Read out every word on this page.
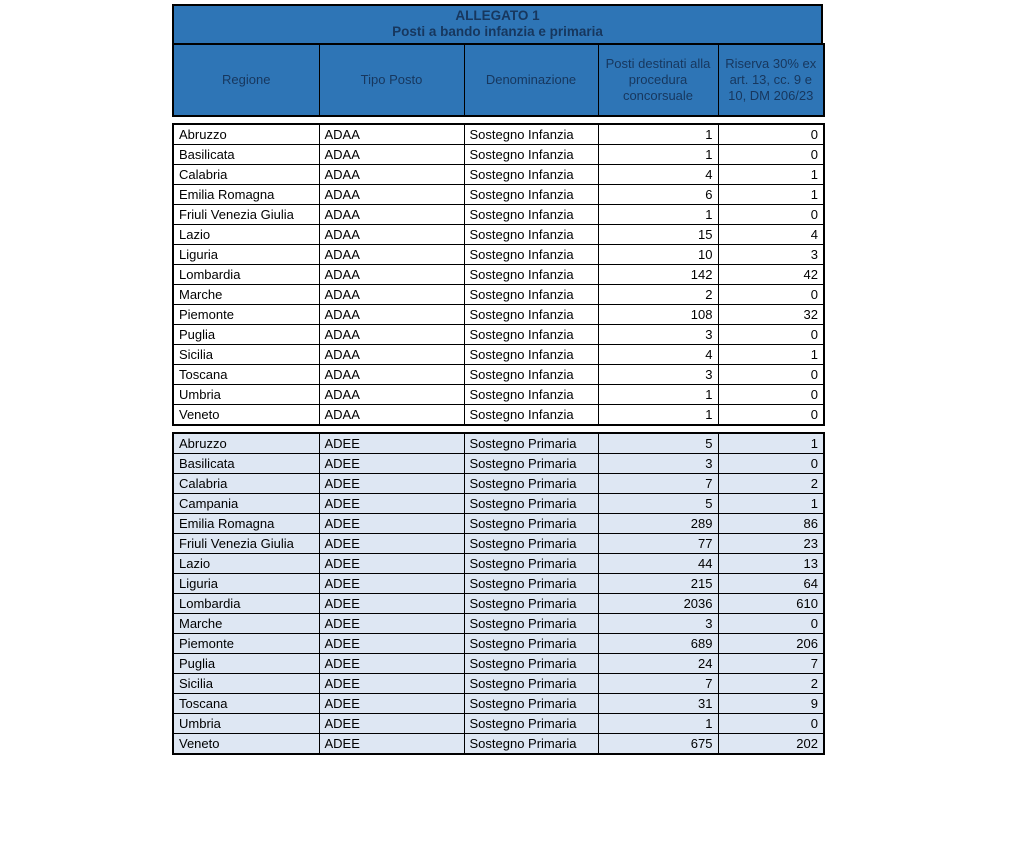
ALLEGATO 1
Posti a bando infanzia e primaria
Regione	Tipo Posto	Denominazione	Posti destinati alla procedura concorsuale	Riserva 30% ex art. 13, cc. 9 e 10, DM 206/23
Abruzzo	ADAA	Sostegno Infanzia	1	0
Basilicata	ADAA	Sostegno Infanzia	1	0
Calabria	ADAA	Sostegno Infanzia	4	1
Emilia Romagna	ADAA	Sostegno Infanzia	6	1
Friuli Venezia Giulia	ADAA	Sostegno Infanzia	1	0
Lazio	ADAA	Sostegno Infanzia	15	4
Liguria	ADAA	Sostegno Infanzia	10	3
Lombardia	ADAA	Sostegno Infanzia	142	42
Marche	ADAA	Sostegno Infanzia	2	0
Piemonte	ADAA	Sostegno Infanzia	108	32
Puglia	ADAA	Sostegno Infanzia	3	0
Sicilia	ADAA	Sostegno Infanzia	4	1
Toscana	ADAA	Sostegno Infanzia	3	0
Umbria	ADAA	Sostegno Infanzia	1	0
Veneto	ADAA	Sostegno Infanzia	1	0
Abruzzo	ADEE	Sostegno Primaria	5	1
Basilicata	ADEE	Sostegno Primaria	3	0
Calabria	ADEE	Sostegno Primaria	7	2
Campania	ADEE	Sostegno Primaria	5	1
Emilia Romagna	ADEE	Sostegno Primaria	289	86
Friuli Venezia Giulia	ADEE	Sostegno Primaria	77	23
Lazio	ADEE	Sostegno Primaria	44	13
Liguria	ADEE	Sostegno Primaria	215	64
Lombardia	ADEE	Sostegno Primaria	2036	610
Marche	ADEE	Sostegno Primaria	3	0
Piemonte	ADEE	Sostegno Primaria	689	206
Puglia	ADEE	Sostegno Primaria	24	7
Sicilia	ADEE	Sostegno Primaria	7	2
Toscana	ADEE	Sostegno Primaria	31	9
Umbria	ADEE	Sostegno Primaria	1	0
Veneto	ADEE	Sostegno Primaria	675	202
